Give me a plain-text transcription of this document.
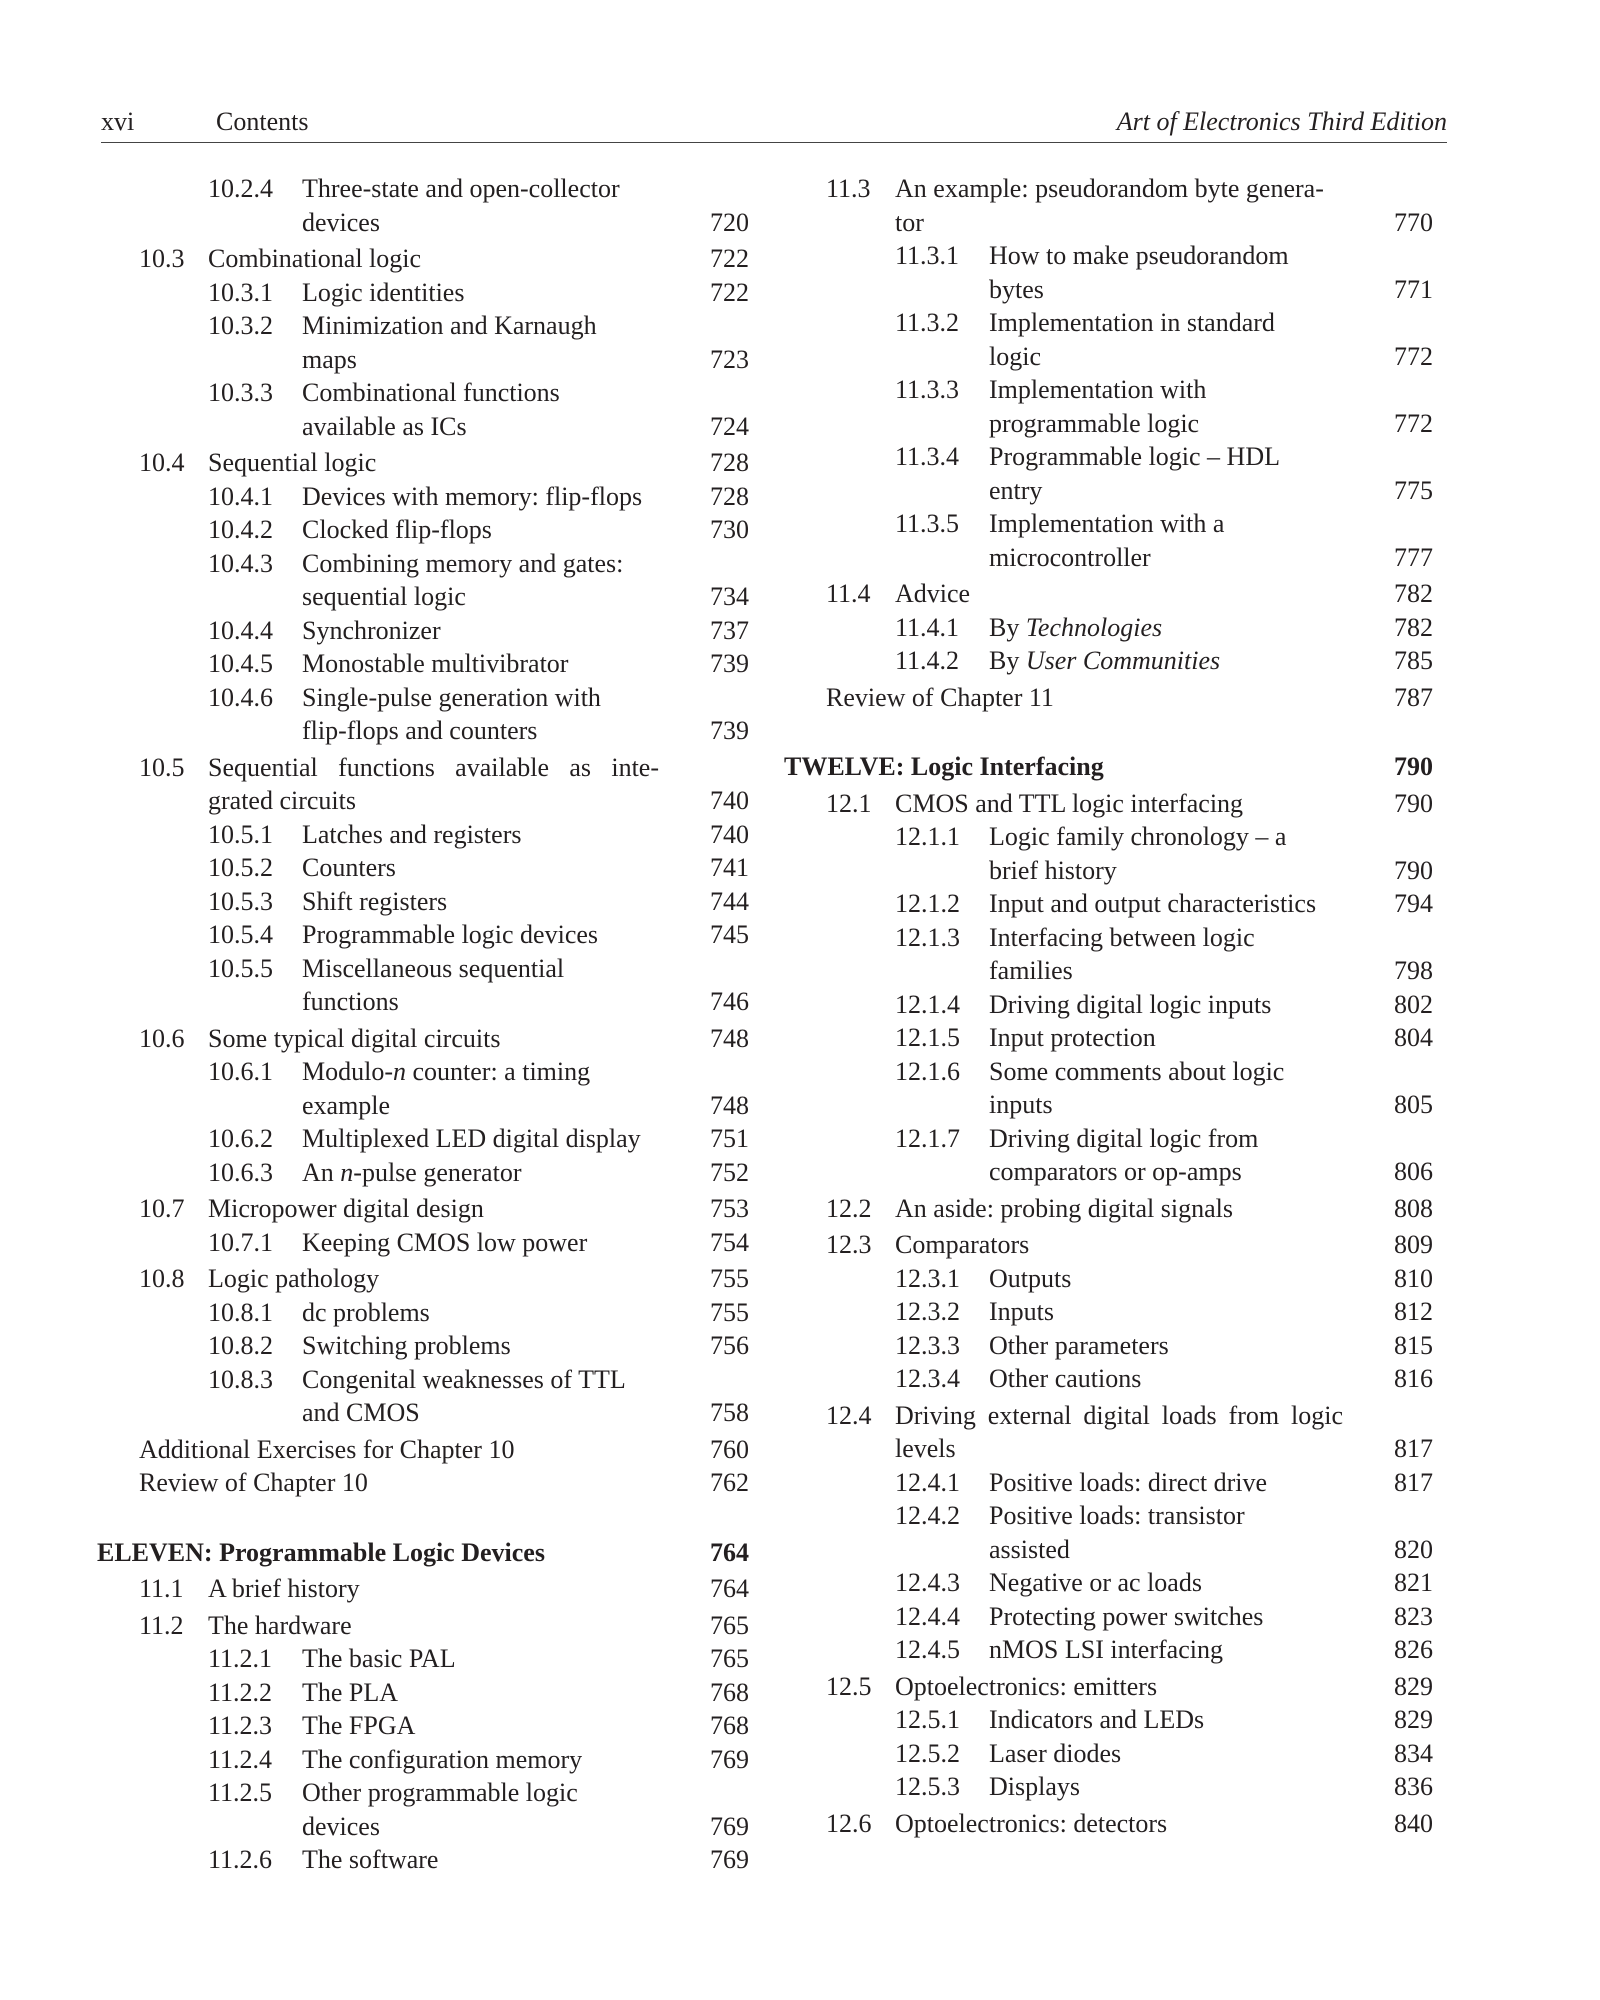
xvi	Contents	Art of Electronics Third Edition
10.2.4 Three-state and open-collector
devices	720
10.3 Combinational logic	722
10.3.1 Logic identities	722
10.3.2 Minimization and Karnaugh
maps	723
10.3.3 Combinational functions
available as ICs	724
10.4 Sequential logic	728
10.4.1 Devices with memory: flip-flops	728
10.4.2 Clocked flip-flops	730
10.4.3 Combining memory and gates:
sequential logic	734
10.4.4 Synchronizer	737
10.4.5 Monostable multivibrator	739
10.4.6 Single-pulse generation with
flip-flops and counters	739
10.5 Sequential functions available as inte-
grated circuits	740
10.5.1 Latches and registers	740
10.5.2 Counters	741
10.5.3 Shift registers	744
10.5.4 Programmable logic devices	745
10.5.5 Miscellaneous sequential
functions	746
10.6 Some typical digital circuits	748
10.6.1 Modulo-n counter: a timing
example	748
10.6.2 Multiplexed LED digital display	751
10.6.3 An n-pulse generator	752
10.7 Micropower digital design	753
10.7.1 Keeping CMOS low power	754
10.8 Logic pathology	755
10.8.1 dc problems	755
10.8.2 Switching problems	756
10.8.3 Congenital weaknesses of TTL
and CMOS	758
Additional Exercises for Chapter 10	760
Review of Chapter 10	762
ELEVEN: Programmable Logic Devices	764
11.1 A brief history	764
11.2 The hardware	765
11.2.1 The basic PAL	765
11.2.2 The PLA	768
11.2.3 The FPGA	768
11.2.4 The configuration memory	769
11.2.5 Other programmable logic
devices	769
11.2.6 The software	769
11.3 An example: pseudorandom byte genera-
tor	770
11.3.1 How to make pseudorandom
bytes	771
11.3.2 Implementation in standard
logic	772
11.3.3 Implementation with
programmable logic	772
11.3.4 Programmable logic – HDL
entry	775
11.3.5 Implementation with a
microcontroller	777
11.4 Advice	782
11.4.1 By Technologies	782
11.4.2 By User Communities	785
Review of Chapter 11	787
TWELVE: Logic Interfacing	790
12.1 CMOS and TTL logic interfacing	790
12.1.1 Logic family chronology – a
brief history	790
12.1.2 Input and output characteristics	794
12.1.3 Interfacing between logic
families	798
12.1.4 Driving digital logic inputs	802
12.1.5 Input protection	804
12.1.6 Some comments about logic
inputs	805
12.1.7 Driving digital logic from
comparators or op-amps	806
12.2 An aside: probing digital signals	808
12.3 Comparators	809
12.3.1 Outputs	810
12.3.2 Inputs	812
12.3.3 Other parameters	815
12.3.4 Other cautions	816
12.4 Driving external digital loads from logic
levels	817
12.4.1 Positive loads: direct drive	817
12.4.2 Positive loads: transistor
assisted	820
12.4.3 Negative or ac loads	821
12.4.4 Protecting power switches	823
12.4.5 nMOS LSI interfacing	826
12.5 Optoelectronics: emitters	829
12.5.1 Indicators and LEDs	829
12.5.2 Laser diodes	834
12.5.3 Displays	836
12.6 Optoelectronics: detectors	840
